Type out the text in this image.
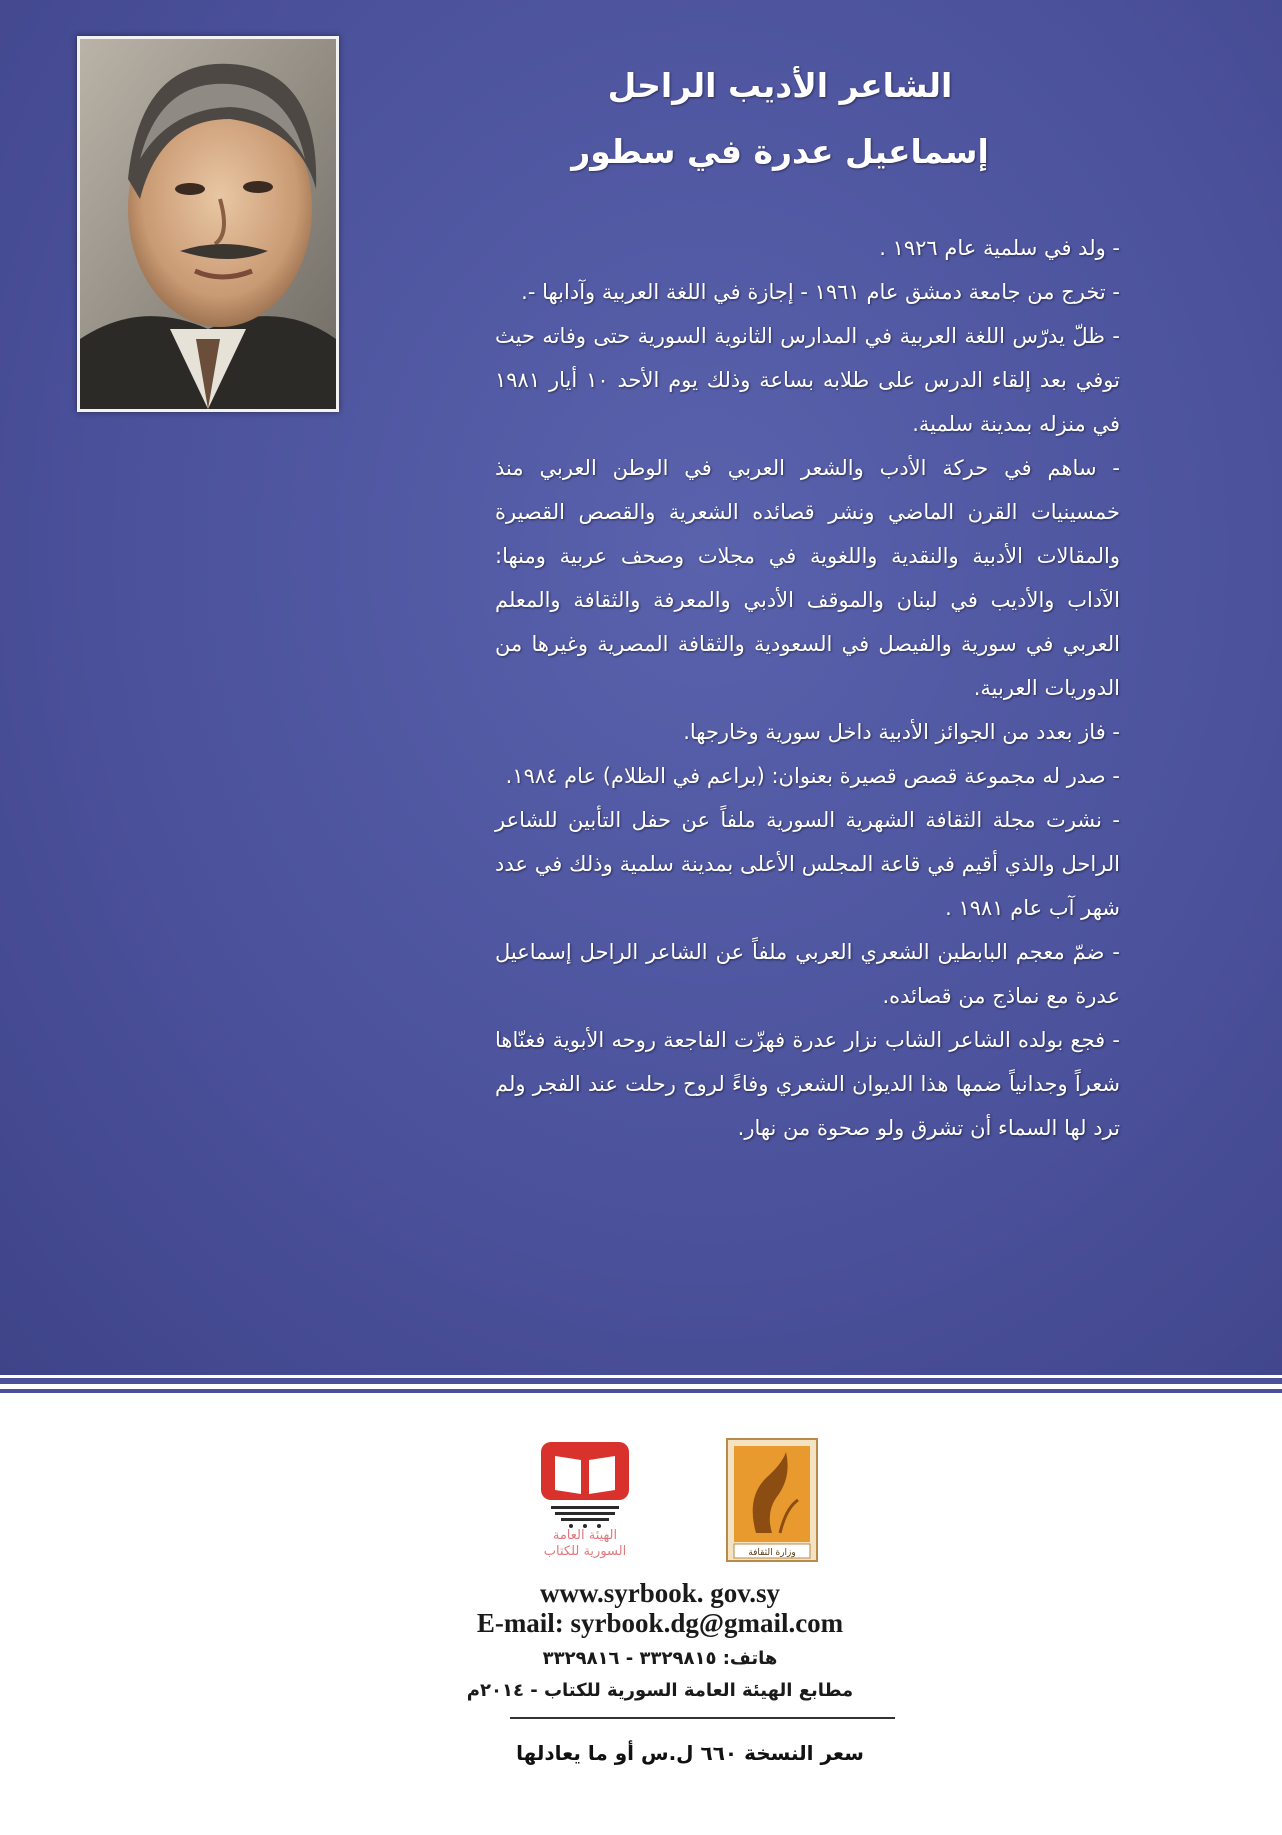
الشاعر الأديب الراحل
إسماعيل عدرة في سطور
- ولد في سلمية عام ١٩٢٦ .
- تخرج من جامعة دمشق عام ١٩٦١ - إجازة في اللغة العربية وآدابها -.
- ظلّ يدرّس اللغة العربية في المدارس الثانوية السورية حتى وفاته حيث توفي بعد إلقاء الدرس على طلابه بساعة وذلك يوم الأحد ١٠ أيار ١٩٨١ في منزله بمدينة سلمية.
- ساهم في حركة الأدب والشعر العربي في الوطن العربي منذ خمسينيات القرن الماضي ونشر قصائده الشعرية والقصص القصيرة والمقالات الأدبية والنقدية واللغوية في مجلات وصحف عربية ومنها: الآداب والأديب في لبنان والموقف الأدبي والمعرفة والثقافة والمعلم العربي في سورية والفيصل في السعودية والثقافة المصرية وغيرها من الدوريات العربية.
- فاز بعدد من الجوائز الأدبية داخل سورية وخارجها.
- صدر له مجموعة قصص قصيرة بعنوان: (براعم في الظلام) عام ١٩٨٤.
- نشرت مجلة الثقافة الشهرية السورية ملفاً عن حفل التأبين للشاعر الراحل والذي أقيم في قاعة المجلس الأعلى بمدينة سلمية وذلك في عدد شهر آب عام ١٩٨١ .
- ضمّ معجم البابطين الشعري العربي ملفاً عن الشاعر الراحل إسماعيل عدرة مع نماذج من قصائده.
- فجع بولده الشاعر الشاب نزار عدرة فهزّت الفاجعة روحه الأبوية فغنّاها شعراً وجدانياً ضمها هذا الديوان الشعري وفاءً لروح رحلت عند الفجر ولم ترد لها السماء أن تشرق ولو صحوة من نهار.
الهيئة العامة
السورية للكتاب	وزارة الثقافة
www.syrbook. gov.sy
E-mail: syrbook.dg@gmail.com
هاتف: ٣٣٢٩٨١٥ - ٣٣٢٩٨١٦
مطابع الهيئة العامة السورية للكتاب - ٢٠١٤م
سعر النسخة ٦٦٠ ل.س أو ما يعادلها
